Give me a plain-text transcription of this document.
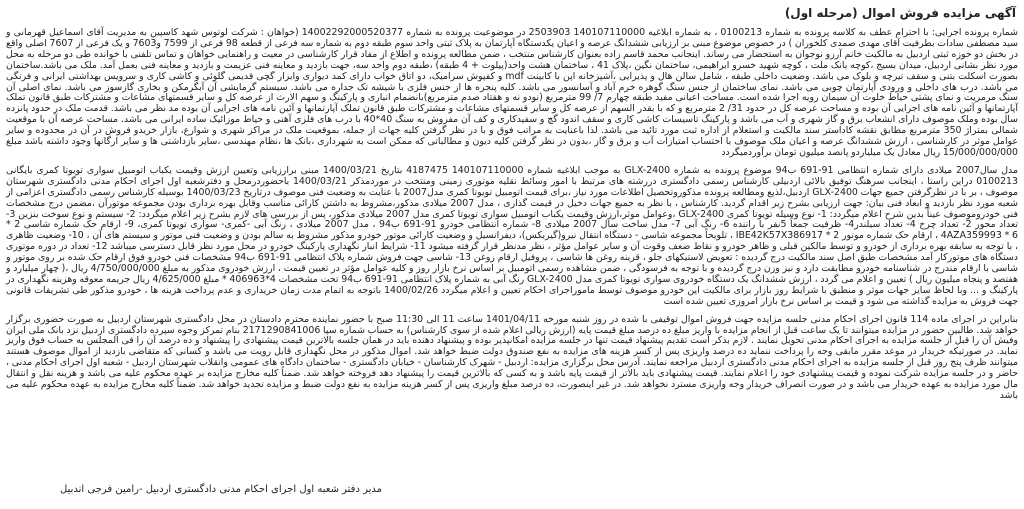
آگهی مزایده فروش اموال (مرحله اول)

شماره پرونده اجرایی: با احترام عطف به کلاسه پرونده به شماره 0100213 ، به شماره ابلاغیه 140107110000 2503903 در موضوعیت پرونده به شماره 14002292000520377 (خواهان : شرکت لوتوس شهد کاسپین به مدیریت آقای اسماعیل قهرمانی و سید مصطفی سادات بطرفیت آقای مهدی صمدی کلخوران ) در خصوص موضوع مبنی بر ارزیابی ششدانگ عرصه و اعیان یکدستگاه آپارتمان به پلاک ثبتی واحد سوم طبقه دوم به شماره سه فرعی از قطعه 98 فرعی از 7599 و7603 و یک فرعی از 7607 اصلی واقع در بخش دو حوزه ثبتی اردبیل به مالکیت خانم آرزو نوجوان به استحضار می رساند. اینجانب محمد قاسم زاده بعنوان کارشناس منتخب ، ضمن مطالعه پرونده و اطلاع از مفاد قرار کارشناسی در معیت و راهنمایی خواهان و تماس تلفنی با خوانده طی دو مرحله به محل مورد نظر بشانی اردبیل، میدان بسیج ،کوچه بانک ملت ، کوچه شهید خسرو ابراهیمی، ساختمان نگین ،پلاک 41 ، ساختمان هشت واحد(پیلوت + 4 طبقه) ،طبقه دوم واحد سه، جهت بازدید و معاینه فنی عزیمت و بازدید و معاینه فنی بعمل آمد. ملک می باشد.ساختمان بصورت اسکلت بتنی و سقف تیرچه و بلوک می باشد. وضعیت داخلی طبقه ، شامل سالن هال و پذیرایی ،آشپزخانه اپن با کابینت mdf و کفپوش سرامیک، دو اتاق خواب دارای کمد دیواری وابزار گچی قدیمی گلوئی و کاشی کاری و سرویس بهداشتی ایرانی و فرنگی می باشد. درب های داخلی و ورودی آپارتمان چوبی می باشد. نمای ساختمان از جنس سنگ گوهره خرم آباد و آسانسور می باشد. کلیه پنجره ها از جنس فلزی با شیشه تک جداره می باشد. سیستم گرمایشی آن آبگرمکن و بخاری گازسوز می باشد. نمای اصلی آن سنگ مرمریت و نمای پشتی حیاط خلوت آن سیمان رویه اجرا شده است. مساحت اعیانی مفید طبقه چهارم 7/ 99 مترمربع (نودو نه و هفتاد صدم مترمربع)بانضمام انباری و پارکینگ و سهم الارث از عرصه کل و سایر قسمتهای مشاعات و مشترکات طبق قانون تملک آپارتمانها و آئین نامه های اجرایی آن بوده و مساحت عرصه کل در حدود 31/ 2 مترمربع و که با بقدر السهم از عرصه کل و سایر قسمتهای مشاعات و مشترکات طبق قانون تملک آپارتمانها و آئین نامه های اجرایی آن بوده مد نظر می باشد. قدمت ملک در حدود پانزده سال بوده وملک موصوف دارای انشعاب برق و گاز شهری و آب می باشد و پارکینگ تاسیسات کاشی کاری و سقف اندود گچ و سفیدکاری و کف آن مفروش به سنگ 40*40 با درب های فلزی آهنی و حیاط موزائیک ساده ایرانی می باشد. مساحت عرصه آن با موقعیت شمالی بمتراژ 350 مترمربع مطابق نقشه کاداستر سند مالکیت و استعلام از اداره ثبت مورد تائید می باشد. لذا باعنایت به مراتب فوق و با در نظر گرفتن کلیه جهات از جمله، بموقعیت ملک در مراکز شهری و شوارع، بازار خریدو فروش در آن در محدوده و سایر عوامل موثر در کارشناسی ، ارزش ششدانگ عرصه و اعیان ملک موصوف با احتساب امتیازات آب و برق و گاز ،بدون در نظر گرفتن کلیه دیون و مطالباتی که ممکن است به شهرداری ،بانک ها ،نظام مهندسی ،سایر بازداشتی ها و سایر ارگانها وجود داشته باشد مبلغ 15/000/000/000 ریال معادل یک میلیاردو پانصد میلیون تومان برآوردمیگردد

مدل سال2007 میلادی دارای شماره انتظامی 91-691 ب94 موضوع پرونده به شماره GLX-2400 به موجب ابلاغیه شماره 140107110000 4187475 بتاریخ 1400/03/21 مبنی برارزیابی وتعیین ارزش وقیمت یکباب اتومبیل سواری تویوتا کمری بایگانی 0100213 دراین راستا ، اینجانب سرهنگ توفیق بالائی اردبیلی کارشناس رسمی دادگستری دررشته های مرتبط با امور وسائط نقلیه موتوری زمینی ومنتخب در موردمذکر 1400/03/21 باحضوردرمحل و دفترشعبه اول اجرای احکام مدنی دادگستری شهرستان موصوف ، بر با در نظرگرفتن جمیع جهات GLX-2400 اردبیل،لذیع ومطالعه پرونده مذکوروتحصیل اطلاعات مورد نیاز ،برای قیمت اتومبیل تویوتا کمری مدل2007 با عنایت به وضعیت فنی موصوف درتاریخ 1400/03/23 بوسیله کارشناس رسمی دادگستری اعزامی از شعبه مورد نظر بازدید و ابعاد فنی بیان: جهت ارزیابی بشرح زیر اقدام گردید. کارشناس ، با نظر به جمیع جهات دخیل در قیمت گذاری ، مدل 2007 میلادی مذکور،مشروط به داشتن کارائی مناسب وقابل بهره برداری بودن مجموعه موتورآن ،مضمن درج مشخصات فنی خودروموصوف عیناً بدین شرح اعلام میگردد: 1- نوع وسیله تویوتا کمری GLX-2400 ،وعوامل موثر،ارزش وقیمت یکباب اتومبیل سواری تویوتا کمری مدل 2007 میلادی مذکور، پس از بررسی های لازم بشرح زیر اعلام میگردد: 2- سیستم و نوع سوخت بنزین 3- تعداد محور 2- تعداد چرخ 4- تعداد سیلندر4- ظرفیت جمعاً 5نفر با راننده 6- رنگ آبی 7- مدل ساخت سال 2007 میلادی 8- شماره انتظامی خودرو 91-691 ب94 ، مدل 2007 میلادی ، رنگ آبی -کمری- سواری تویوتا کمری، 9- ارقام حک شماره شاسی 2 * 4AZA359993 * 6 ، ارقام حک شماره موتور IBE42K57X386917 * 2 ، تلویحاً مجموعه شاسی - دستگاه انتقال نیرو(گیربکس)، دیفرانسیل و وضعیت کارائی موتور خودرو مذکور مشروط به سالم بودن و وضعیت فنی موتور و سیستم های آن ، 10- وضعیت ظاهری ، با توجه به سابقه بهره برداری از خودرو و توسط مالکین قبلی و ظاهر خودرو و نقاط ضعف وقوت آن و سایر عوامل مؤثر ، نظر مدنظر قرار گرفته میشود 11- شرایط انبار نگهداری پارکینگ خودرو در محل مورد نظر قابل دسترسی میباشد 12- تعداد در دوره موتوری دستگاه های موتورکار آمد مشخصات طبق اصل سند مالکیت درج گردیده : تعویض لاستیکهای جلو ، قرینه روغن ها شاسی ، پروفیل ارقام روغن 13- شاسی جهت فروش شماره پلاک انتظامی 91-691 ب94 مشخصات فنی خودرو فوق ارقام حک شده بر روی موتور و شاسی با ارقام مندرج در شناسنامه خودرو مطابقت دارد و نیز وزن درج گردیده و با توجه به فرسودگی ، ضمن مشاهده رسمی اتومبیل بر اساس نرخ بازار روز و کلیه عوامل مؤثر در تعیین قیمت ، ارزش خودروی مذکور به مبلغ 4/750/000/000 ریال ،( چهار میلیارد و هفتصد و پنجاه میلیون ریال ) تعیین و اعلام می گردد ، ارزش ششدانگ یک دستگاه خودروی سواری تویوتا کمری مدل GLX-2400 رنگ آبی به شماره پلاک انتظامی 91-691 ب94 تحت مشخصات 4*406963 * مبلغ 4/625/000 ریال جریمه معوقه وهزینه نگهداری در پارکینگ و ... وبا لحاظ سایر جهات موثر و منطبق با شرایط روز بازار برای مالکیت این خودرو موصوف توسط ماموراجرای احکام تعیین و اعلام میگردد 1400/02/26 باتوجه به اتمام مدت زمان خریداری و عدم پرداخت هزینه ها ، خودرو مذکور طی تشریفات قانونی جهت فروش به مزایده گذاشته می شود و قیمت بر اساس نرخ بازار امروزی تعیین شده است

بنابراین در اجرای ماده 114 قانون اجرای احکام مدنی جلسه مزایده جهت فروش اموال توقیفی با شده در روز شنبه مورخه 1401/04/11 ساعت 11 الی 11:30 صبح با حضور نماینده محترم دادستان در محل دادگستری شهرستان اردبیل به صورت حضوری برگزار خواهد شد. طالبین حضور در مزایده میتوانند تا یک ساعت قبل از انجام مزایده با واریز مبلغ ده درصد مبلغ قیمت پایه (ارزش ریالی اعلام شده از سوی کارشناس) به حساب شماره سپا 2171290841006 بنام تمرکز وجوه سپرده دادگستری اردبیل نزد بانک ملی ایران وفیش آن را قبل از جلسه مزایده به اجرای احکام مدنی تحویل نمایند . لازم بذکر است تقدیم پیشنهاد قیمت تنها در جلسه مزایده امکانپذیر بوده و پیشنهاد دهنده باید در همان جلسه بالاترین قیمت پیشنهادی را پیشنهاد و ده درصد آن را فی المجلس به حساب فوق واریز نماید. در صورتیکه خریدار در موعد مقرر مابقی وجه را پرداخت ننماید ده درصد واریزی پس از کسر هزینه های مزایده به نفع صندوق دولت ضبط خواهد شد. اموال مذکور در محل نگهداری قابل رویت می باشد و کسانی که متقاضی بازدید از اموال موصوف هستند میتوانند ظرف پنج روز قبل از جلسه مزایده به اجرای احکام مدنی دادگستری اردبیل مراجعه نمایند. آدرس محل برگزاری مزایده: اردبیل - شهرک کارشناسان - خیابان دادگستری - ساختمان دادگاه های عمومی وانقلاب شهرستان اردبیل - شعبه اول اجرای احکام مدنی ، حاضر و در جلسه مزایده شرکت نموده و قیمت پیشنهادی خود را اعلام نمایند. قیمت پیشنهادی باید بالاتر از قیمت پایه باشد و به کسی که بالاترین قیمت را پیشنهاد دهد فروخته خواهد شد. ضمناً کلیه مخارج مزایده بر عهده محکوم علیه می باشد و هزینه نقل و انتقال مال مورد مزایده به عهده خریدار می باشد و در صورت انصراف خریدار وجه واریزی مسترد نخواهد شد. در غیر اینصورت، ده درصد مبلغ واریزی پس از کسر هزینه مزایده به نفع دولت ضبط و مزایده تجدید خواهد شد. ضمناً کلیه مخارج مزایده به عهده محکوم علیه می باشد

مدیر دفتر شعبه اول اجرای احکام مدنی دادگستری اردبیل -رامین فرجی اندبیل
